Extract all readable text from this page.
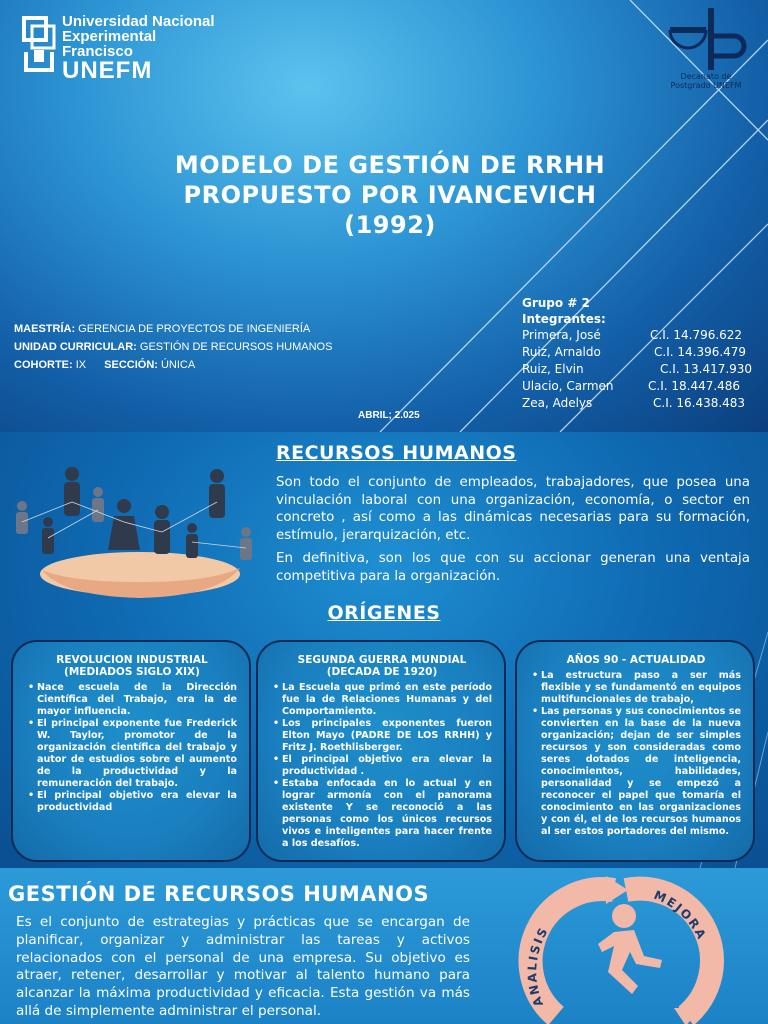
Universidad Nacional
Experimental
Francisco
UNEFM	Decanato de
Postgrado UNEFM
MODELO DE GESTIÓN DE RRHH
PROPUESTO POR IVANCEVICH
(1992)
MAESTRÍA: GERENCIA DE PROYECTOS DE INGENIERÍA
UNIDAD CURRICULAR: GESTIÓN DE RECURSOS HUMANOS
COHORTE: IX SECCIÓN: ÚNICA
Grupo # 2
Integrantes:
Primera, José	C.I. 14.796.622
Ruiz, Arnaldo	C.I. 14.396.479
Ruiz, Elvin	C.I. 13.417.930
Ulacio, Carmen	C.I. 18.447.486
Zea, Adelys	C.I. 16.438.483
ABRIL; 2.025
RECURSOS HUMANOS

Son todo el conjunto de empleados, trabajadores, que posea una vinculación laboral con una organización, economía, o sector en concreto , así como a las dinámicas necesarias para su formación, estímulo, jerarquización, etc.

En definitiva, son los que con su accionar generan una ventaja competitiva para la organización.

ORÍGENES
REVOLUCION INDUSTRIAL
(MEDIADOS SIGLO XIX)
• Nace escuela de la Dirección Científica del Trabajo, era la de mayor influencia.
• El principal exponente fue Frederick W. Taylor, promotor de la organización científica del trabajo y autor de estudios sobre el aumento de la productividad y la remuneración del trabajo.
• El principal objetivo era elevar la productividad
SEGUNDA GUERRA MUNDIAL
(DECADA DE 1920)
• La Escuela que primó en este período fue la de Relaciones Humanas y del Comportamiento.
• Los principales exponentes fueron Elton Mayo (PADRE DE LOS RRHH) y Fritz J. Roethlisberger.
• El principal objetivo era elevar la productividad .
• Estaba enfocada en lo actual y en lograr armonía con el panorama existente Y se reconoció a las personas como los únicos recursos vivos e inteligentes para hacer frente a los desafíos.
AÑOS 90 - ACTUALIDAD
• La estructura paso a ser más flexible y se fundamentó en equipos multifuncionales de trabajo,
• Las personas y sus conocimientos se convierten en la base de la nueva organización; dejan de ser simples recursos y son consideradas como seres dotados de inteligencia, conocimientos, habilidades, personalidad y se empezó a reconocer el papel que tomaría el conocimiento en las organizaciones y con él, el de los recursos humanos al ser estos portadores del mismo.
GESTIÓN DE RECURSOS HUMANOS
Es el conjunto de estrategias y prácticas que se encargan de planificar, organizar y administrar las tareas y activos relacionados con el personal de una empresa. Su objetivo es atraer, retener, desarrollar y motivar al talento humano para alcanzar la máxima productividad y eficacia. Esta gestión va más allá de simplemente administrar el personal.
ANALISIS
MEJORA
